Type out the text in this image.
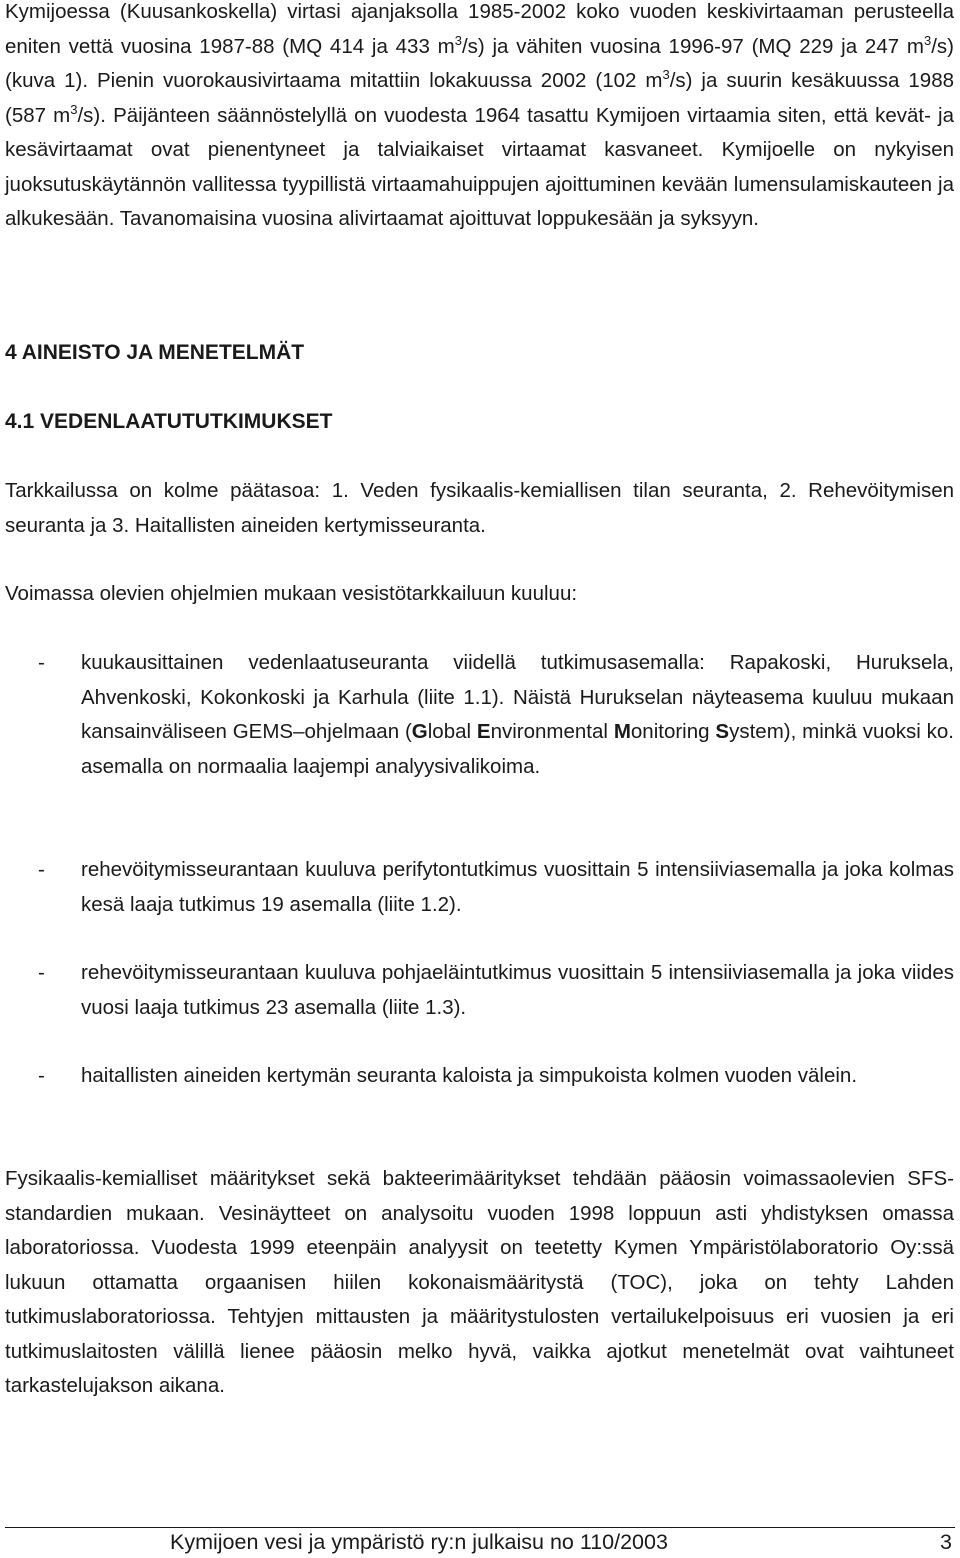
Kymijoessa (Kuusankoskella) virtasi ajanjaksolla 1985-2002 koko vuoden keskivirtaaman perusteella eniten vettä vuosina 1987-88 (MQ 414 ja 433 $m^3/s$) ja vähiten vuosina 1996-97 (MQ 229 ja 247 $m^3/s$) (kuva 1). Pienin vuorokausivirtaama mitattiin lokakuussa 2002 (102 $m^3/s$) ja suurin kesäkuussa 1988 (587 $m^3/s$). Päijänteen säännöstelyllä on vuodesta 1964 tasattu Kymijoen virtaamia siten, että kevät- ja kesävirtaamat ovat pienentyneet ja talviaikaiset virtaamat kasvaneet. Kymijoelle on nykyisen juoksutuskäytännön vallitessa tyypillistä virtaamahuippujen ajoittuminen kevään lumensulamiskauteen ja alkukesään. Tavanomaisina vuosina alivirtaamat ajoittuvat loppukesään ja syksyyn.

4 AINEISTO JA MENETELMÄT
4.1 VEDENLAATUTUTKIMUKSET

Tarkkailussa on kolme päätasoa: 1. Veden fysikaalis-kemiallisen tilan seuranta, 2. Rehevöitymisen seuranta ja 3. Haitallisten aineiden kertymisseuranta.

Voimassa olevien ohjelmien mukaan vesistötarkkailuun kuuluu:

- kuukausittainen vedenlaatuseuranta viidellä tutkimusasemalla: Rapakoski, Huruksela, Ahvenkoski, Kokonkoski ja Karhula (liite 1.1). Näistä Hurukselan näyteasema kuuluu mukaan kansainväliseen GEMS–ohjelmaan (Global Environmental Monitoring System), minkä vuoksi ko. asemalla on normaalia laajempi analyysivalikoima.
- rehevöitymisseurantaan kuuluva perifytontutkimus vuosittain 5 intensiiviasemalla ja joka kolmas kesä laaja tutkimus 19 asemalla (liite 1.2).
- rehevöitymisseurantaan kuuluva pohjaeläintutkimus vuosittain 5 intensiiviasemalla ja joka viides vuosi laaja tutkimus 23 asemalla (liite 1.3).
- haitallisten aineiden kertymän seuranta kaloista ja simpukoista kolmen vuoden välein.

Fysikaalis-kemialliset määritykset sekä bakteerimääritykset tehdään pääosin voimassaolevien SFS-standardien mukaan. Vesinäytteet on analysoitu vuoden 1998 loppuun asti yhdistyksen omassa laboratoriossa. Vuodesta 1999 eteenpäin analyysit on teetetty Kymen Ympäristölaboratorio Oy:ssä lukuun ottamatta orgaanisen hiilen kokonaismääritystä (TOC), joka on tehty Lahden tutkimuslaboratoriossa. Tehtyjen mittausten ja määritystulosten vertailukelpoisuus eri vuosien ja eri tutkimuslaitosten välillä lienee pääosin melko hyvä, vaikka ajotkut menetelmät ovat vaihtuneet tarkastelujakson aikana.

Kymijoen vesi ja ympäristö ry:n julkaisu no 110/2003	3
